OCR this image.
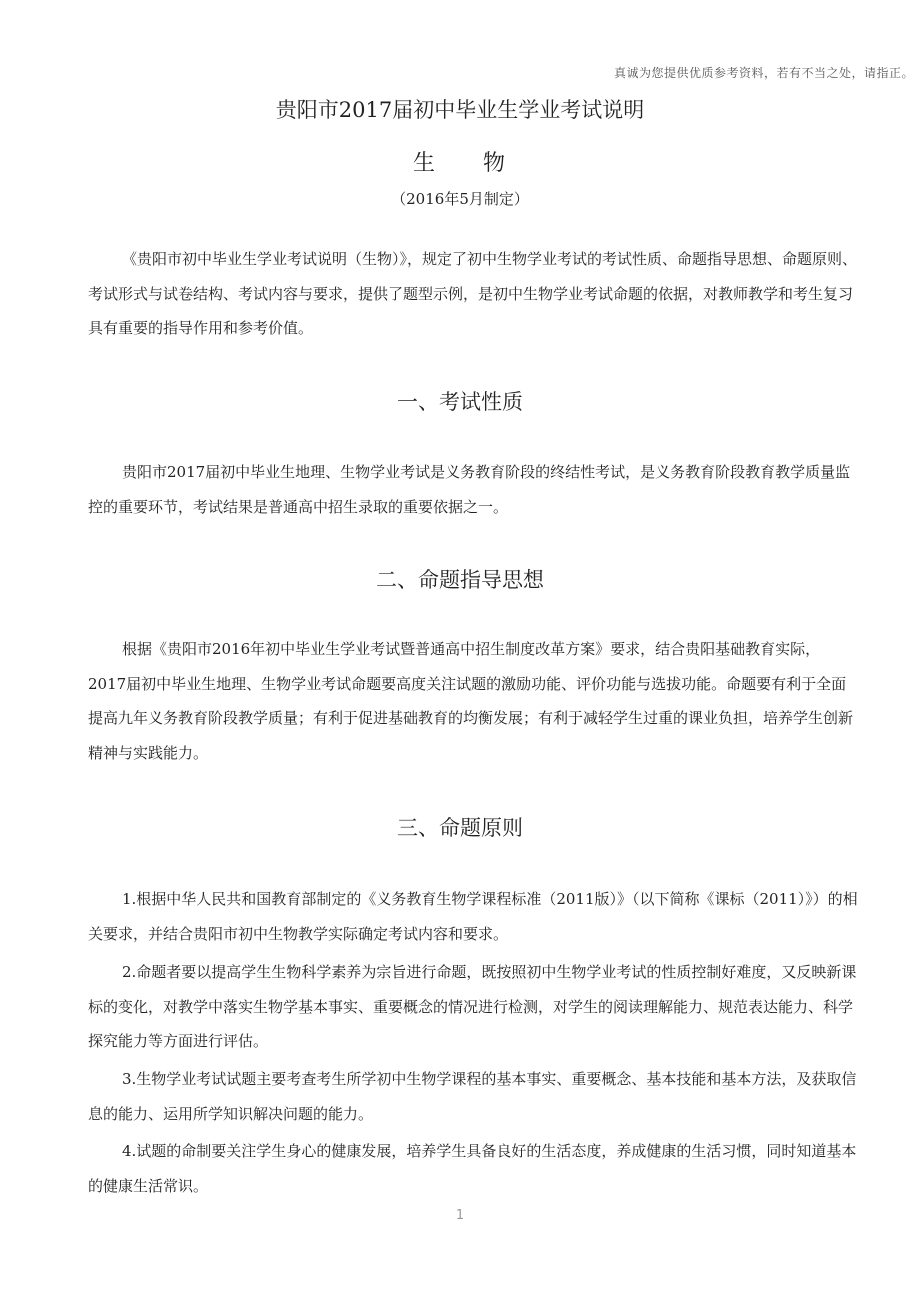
真诚为您提供优质参考资料，若有不当之处，请指正。
贵阳市2017届初中毕业生学业考试说明
生 物
（2016年5月制定）

《贵阳市初中毕业生学业考试说明（生物）》，规定了初中生物学业考试的考试性质、命题指导思想、命题原则、考试形式与试卷结构、考试内容与要求，提供了题型示例，是初中生物学业考试命题的依据，对教师教学和考生复习具有重要的指导作用和参考价值。

一、考试性质

贵阳市2017届初中毕业生地理、生物学业考试是义务教育阶段的终结性考试，是义务教育阶段教育教学质量监控的重要环节，考试结果是普通高中招生录取的重要依据之一。

二、命题指导思想

根据《贵阳市2016年初中毕业生学业考试暨普通高中招生制度改革方案》要求，结合贵阳基础教育实际，2017届初中毕业生地理、生物学业考试命题要高度关注试题的激励功能、评价功能与选拔功能。命题要有利于全面提高九年义务教育阶段教学质量；有利于促进基础教育的均衡发展；有利于减轻学生过重的课业负担，培养学生创新精神与实践能力。

三、命题原则

1.根据中华人民共和国教育部制定的《义务教育生物学课程标准（2011版）》（以下简称《课标（2011）》）的相关要求，并结合贵阳市初中生物教学实际确定考试内容和要求。

2.命题者要以提高学生生物科学素养为宗旨进行命题，既按照初中生物学业考试的性质控制好难度，又反映新课标的变化，对教学中落实生物学基本事实、重要概念的情况进行检测，对学生的阅读理解能力、规范表达能力、科学探究能力等方面进行评估。

3.生物学业考试试题主要考查考生所学初中生物学课程的基本事实、重要概念、基本技能和基本方法，及获取信息的能力、运用所学知识解决问题的能力。

4.试题的命制要关注学生身心的健康发展，培养学生具备良好的生活态度，养成健康的生活习惯，同时知道基本的健康生活常识。

1
